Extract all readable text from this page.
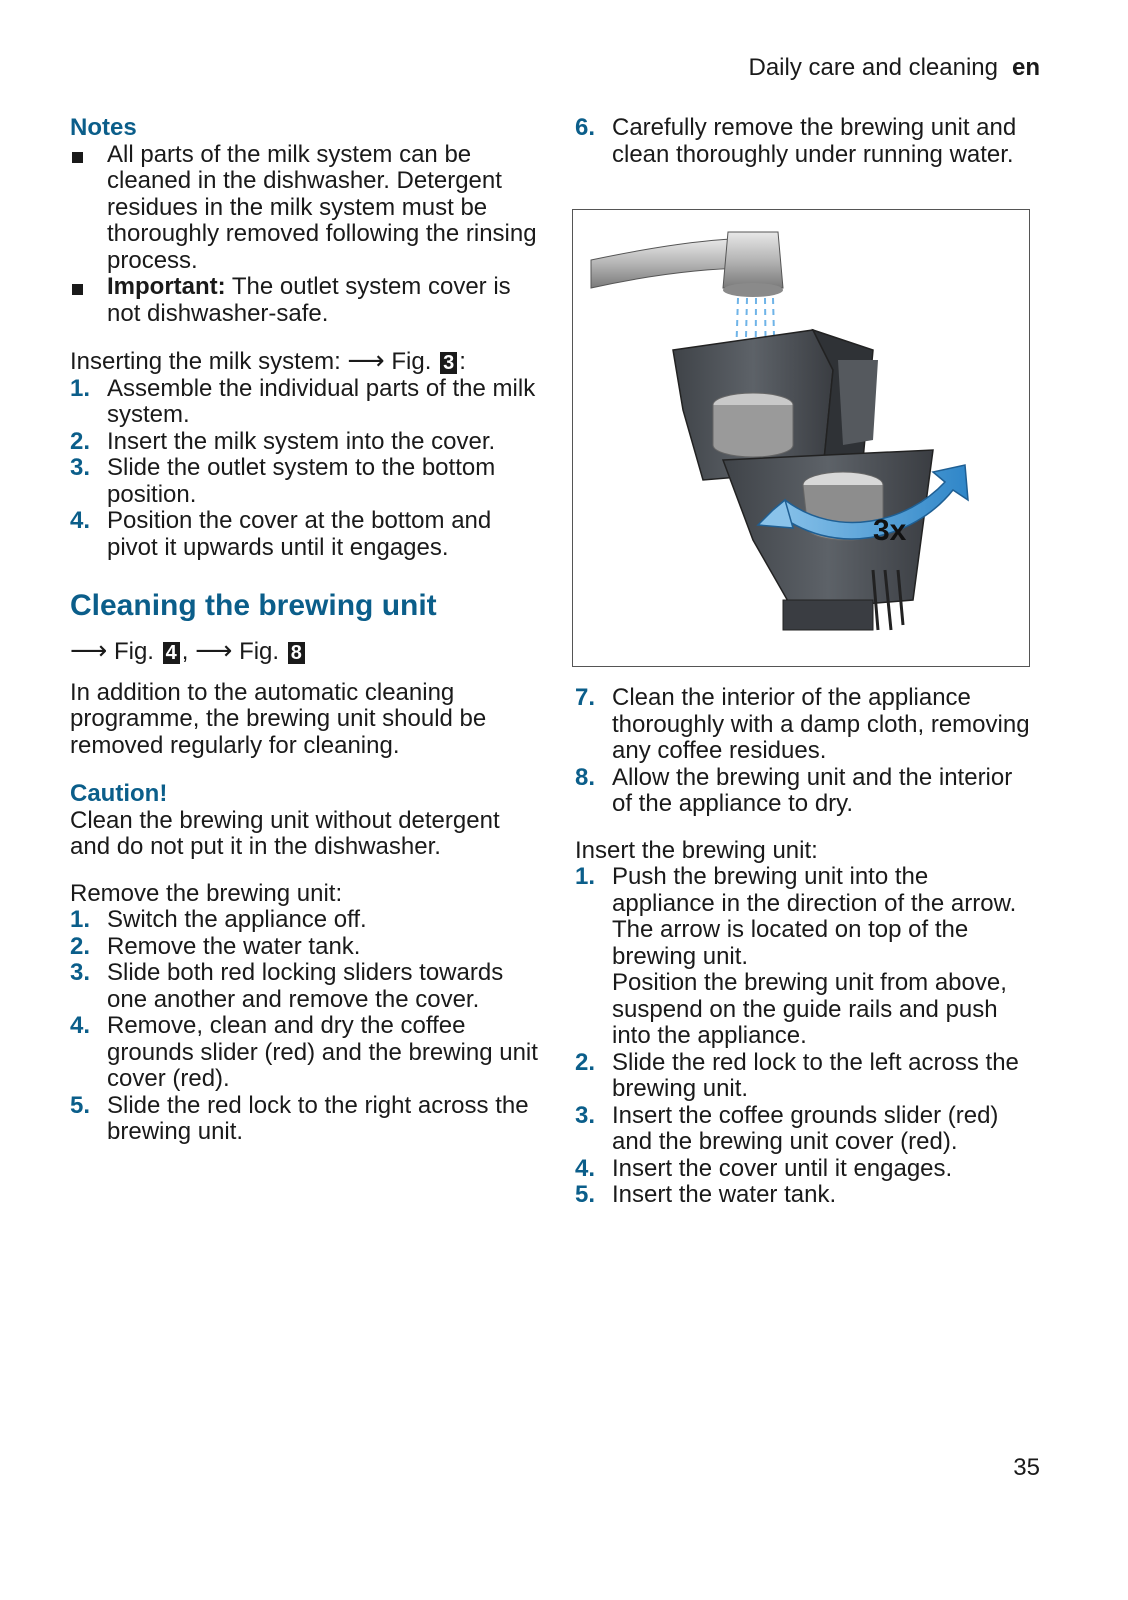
Daily care and cleaning en
Notes
All parts of the milk system can be cleaned in the dishwasher. Detergent residues in the milk system must be thoroughly removed following the rinsing process.
Important: The outlet system cover is not dishwasher-safe.
Inserting the milk system: ⟶ Fig. 3 :
1. Assemble the individual parts of the milk system.
2. Insert the milk system into the cover.
3. Slide the outlet system to the bottom position.
4. Position the cover at the bottom and pivot it upwards until it engages.
Cleaning the brewing unit
⟶ Fig. 4 , ⟶ Fig. 8
In addition to the automatic cleaning programme, the brewing unit should be removed regularly for cleaning.
Caution!
Clean the brewing unit without detergent and do not put it in the dishwasher.
Remove the brewing unit:
1. Switch the appliance off.
2. Remove the water tank.
3. Slide both red locking sliders towards one another and remove the cover.
4. Remove, clean and dry the coffee grounds slider (red) and the brewing unit cover (red).
5. Slide the red lock to the right across the brewing unit.
6. Carefully remove the brewing unit and clean thoroughly under running water.
3x
7. Clean the interior of the appliance thoroughly with a damp cloth, removing any coffee residues.
8. Allow the brewing unit and the interior of the appliance to dry.
Insert the brewing unit:
1. Push the brewing unit into the appliance in the direction of the arrow. The arrow is located on top of the brewing unit.
Position the brewing unit from above, suspend on the guide rails and push into the appliance.
2. Slide the red lock to the left across the brewing unit.
3. Insert the coffee grounds slider (red) and the brewing unit cover (red).
4. Insert the cover until it engages.
5. Insert the water tank.
35
